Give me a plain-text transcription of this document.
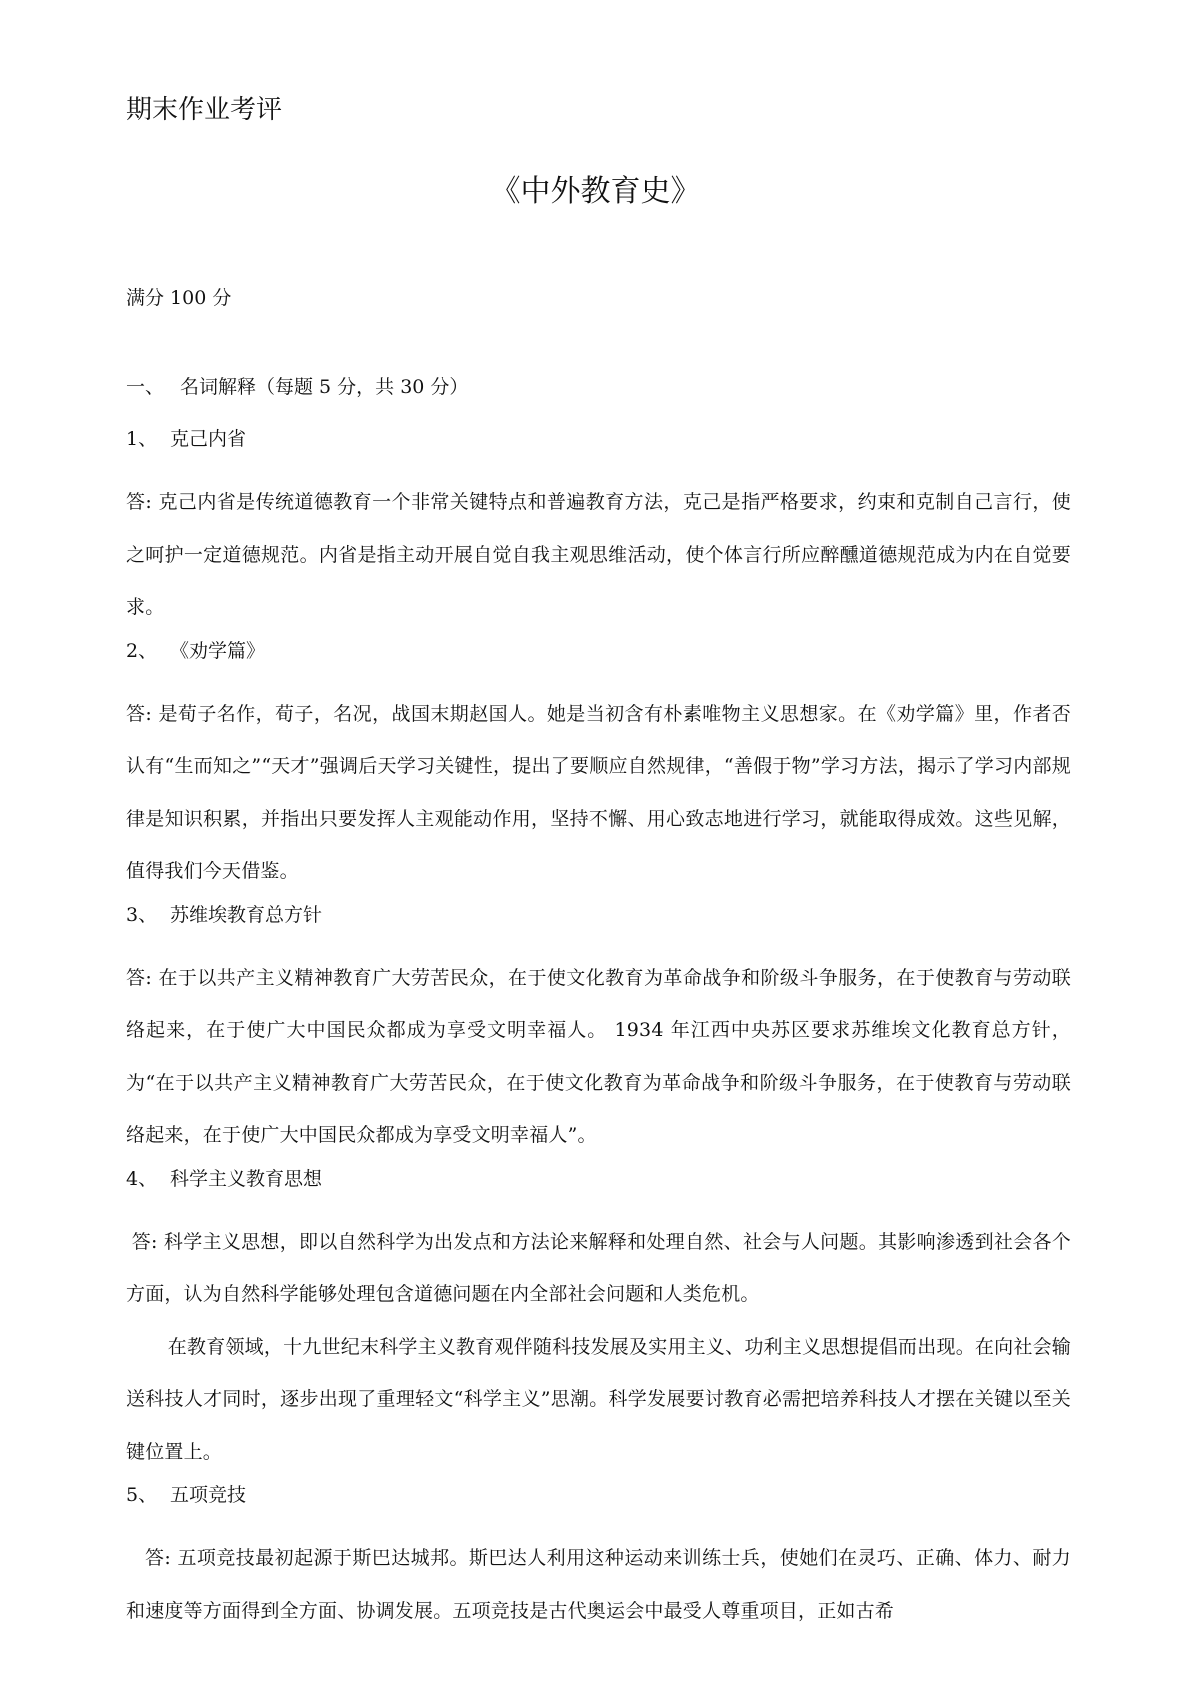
期末作业考评
《中外教育史》
满分 100 分
一、 名词解释（每题 5 分，共 30 分）
1、 克己内省
答: 克己内省是传统道德教育一个非常关键特点和普遍教育方法，克己是指严格要求，约束和克制自己言行，使之呵护一定道德规范。内省是指主动开展自觉自我主观思维活动，使个体言行所应醉醺道德规范成为内在自觉要求。
2、 《劝学篇》
答: 是荀子名作，荀子，名况，战国末期赵国人。她是当初含有朴素唯物主义思想家。在《劝学篇》里，作者否认有“生而知之”“天才”强调后天学习关键性，提出了要顺应自然规律，“善假于物”学习方法，揭示了学习内部规律是知识积累，并指出只要发挥人主观能动作用，坚持不懈、用心致志地进行学习，就能取得成效。这些见解，值得我们今天借鉴。
3、 苏维埃教育总方针
答: 在于以共产主义精神教育广大劳苦民众，在于使文化教育为革命战争和阶级斗争服务，在于使教育与劳动联络起来，在于使广大中国民众都成为享受文明幸福人。 1934 年江西中央苏区要求苏维埃文化教育总方针，为“在于以共产主义精神教育广大劳苦民众，在于使文化教育为革命战争和阶级斗争服务，在于使教育与劳动联络起来，在于使广大中国民众都成为享受文明幸福人”。
4、 科学主义教育思想
答: 科学主义思想，即以自然科学为出发点和方法论来解释和处理自然、社会与人问题。其影响渗透到社会各个方面，认为自然科学能够处理包含道德问题在内全部社会问题和人类危机。
在教育领域，十九世纪末科学主义教育观伴随科技发展及实用主义、功利主义思想提倡而出现。在向社会输送科技人才同时，逐步出现了重理轻文“科学主义”思潮。科学发展要讨教育必需把培养科技人才摆在关键以至关键位置上。
5、 五项竞技
答: 五项竞技最初起源于斯巴达城邦。斯巴达人利用这种运动来训练士兵，使她们在灵巧、正确、体力、耐力和速度等方面得到全方面、协调发展。五项竞技是古代奥运会中最受人尊重项目，正如古希
